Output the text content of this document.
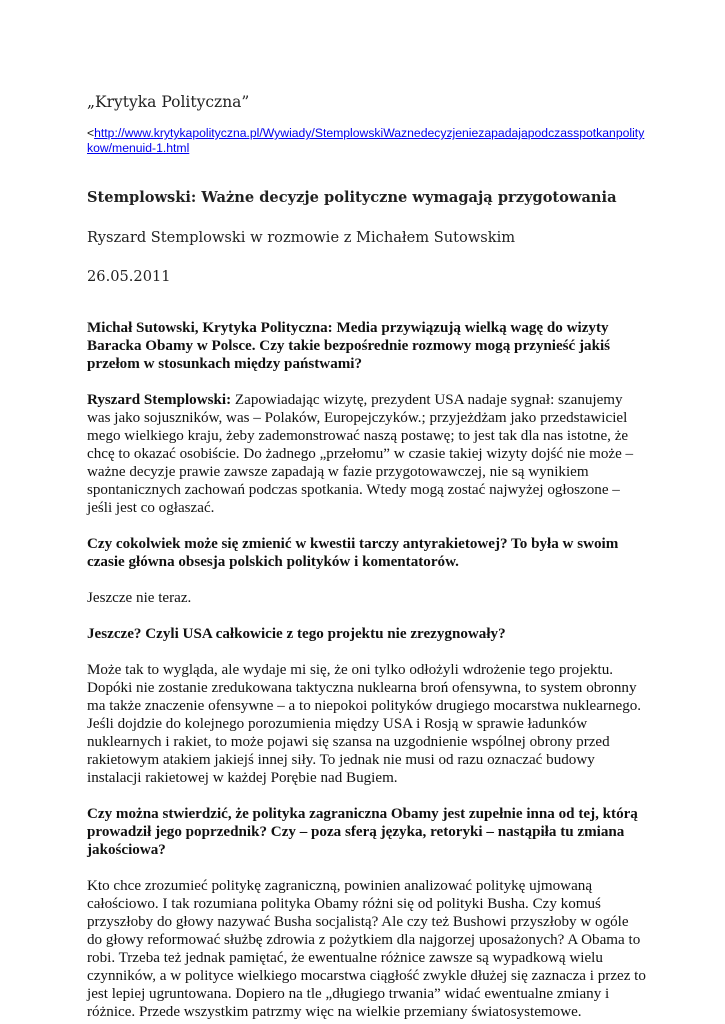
„Krytyka Polityczna”

<http://www.krytykapolityczna.pl/Wywiady/StemplowskiWaznedecyzjeniezapadajapodczasspotkanpolitykow/menuid-1.html

Stemplowski: Ważne decyzje polityczne wymagają przygotowania

Ryszard Stemplowski w rozmowie z Michałem Sutowskim

26.05.2011

Michał Sutowski, Krytyka Polityczna: Media przywiązują wielką wagę do wizyty Baracka Obamy w Polsce. Czy takie bezpośrednie rozmowy mogą przynieść jakiś przełom w stosunkach między państwami?

Ryszard Stemplowski: Zapowiadając wizytę, prezydent USA nadaje sygnał: szanujemy was jako sojuszników, was – Polaków, Europejczyków.; przyjeżdżam jako przedstawiciel mego wielkiego kraju, żeby zademonstrować naszą postawę; to jest tak dla nas istotne, że chcę to okazać osobiście. Do żadnego „przełomu” w czasie takiej wizyty dojść nie może – ważne decyzje prawie zawsze zapadają w fazie przygotowawczej, nie są wynikiem spontanicznych zachowań podczas spotkania. Wtedy mogą zostać najwyżej ogłoszone – jeśli jest co ogłaszać.

Czy cokolwiek może się zmienić w kwestii tarczy antyrakietowej? To była w swoim czasie główna obsesja polskich polityków i komentatorów.

Jeszcze nie teraz.

Jeszcze? Czyli USA całkowicie z tego projektu nie zrezygnowały?

Może tak to wygląda, ale wydaje mi się, że oni tylko odłożyli wdrożenie tego projektu. Dopóki nie zostanie zredukowana taktyczna nuklearna broń ofensywna, to system obronny ma także znaczenie ofensywne – a to niepokoi polityków drugiego mocarstwa nuklearnego. Jeśli dojdzie do kolejnego porozumienia między USA i Rosją w sprawie ładunków nuklearnych i rakiet, to może pojawi się szansa na uzgodnienie wspólnej obrony przed rakietowym atakiem jakiejś innej siły. To jednak nie musi od razu oznaczać budowy instalacji rakietowej w każdej Porębie nad Bugiem.

Czy można stwierdzić, że polityka zagraniczna Obamy jest zupełnie inna od tej, którą prowadził jego poprzednik? Czy – poza sferą języka, retoryki – nastąpiła tu zmiana jakościowa?

Kto chce zrozumieć politykę zagraniczną, powinien analizować politykę ujmowaną całościowo. I tak rozumiana polityka Obamy różni się od polityki Busha. Czy komuś przyszłoby do głowy nazywać Busha socjalistą? Ale czy też Bushowi przyszłoby w ogóle do głowy reformować służbę zdrowia z pożytkiem dla najgorzej uposażonych? A Obama to robi. Trzeba też jednak pamiętać, że ewentualne różnice zawsze są wypadkową wielu czynników, a w polityce wielkiego mocarstwa ciągłość zwykle dłużej się zaznacza i przez to jest lepiej ugruntowana. Dopiero na tle „długiego trwania” widać ewentualne zmiany i różnice. Przede wszystkim patrzmy więc na wielkie przemiany światosystemowe.
